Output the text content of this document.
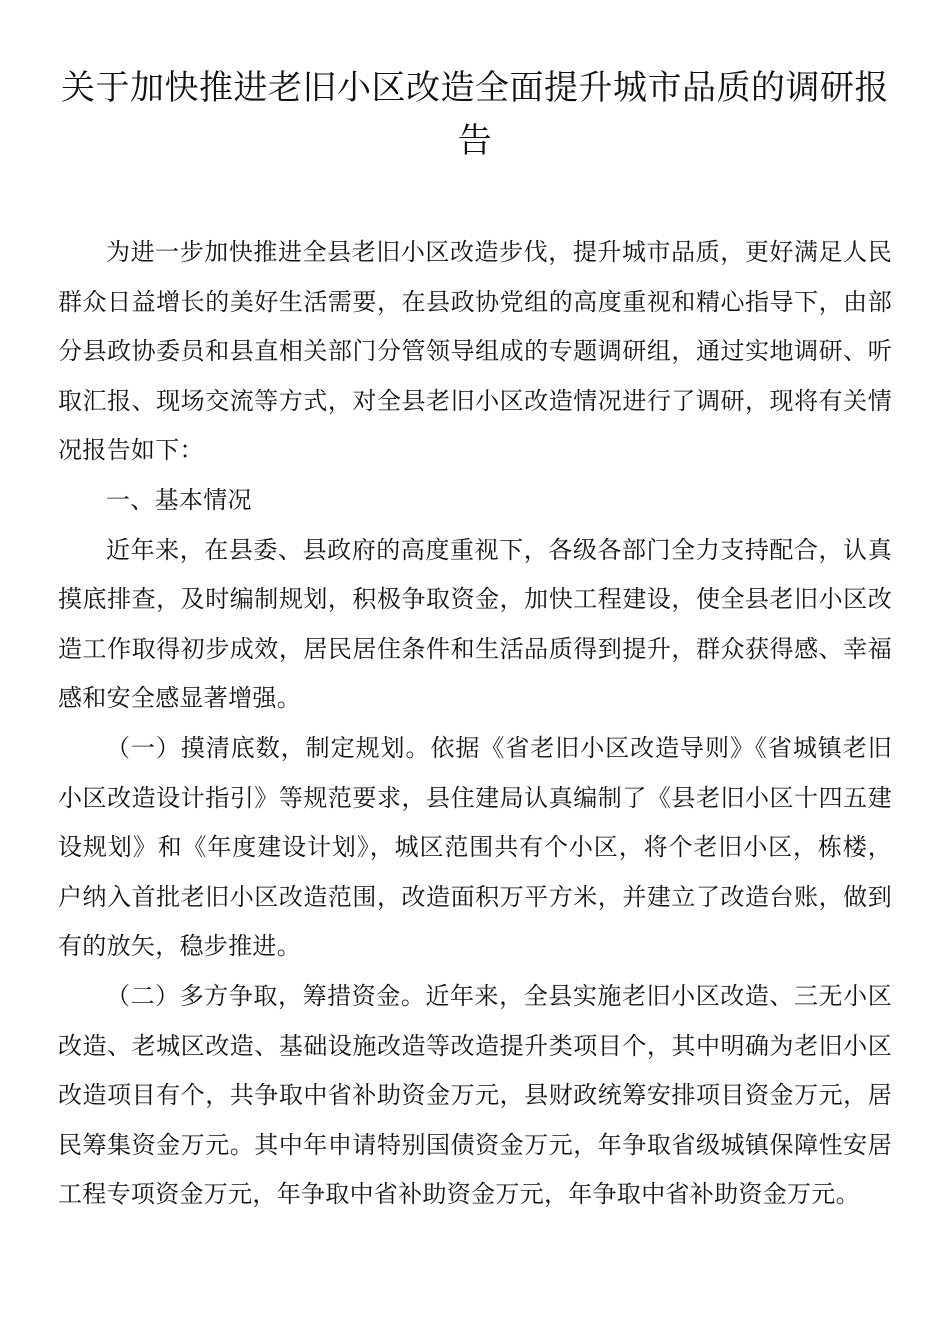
关于加快推进老旧小区改造全面提升城市品质的调研报告

为进一步加快推进全县老旧小区改造步伐，提升城市品质，更好满足人民群众日益增长的美好生活需要，在县政协党组的高度重视和精心指导下，由部分县政协委员和县直相关部门分管领导组成的专题调研组，通过实地调研、听取汇报、现场交流等方式，对全县老旧小区改造情况进行了调研，现将有关情况报告如下：

一、基本情况

近年来，在县委、县政府的高度重视下，各级各部门全力支持配合，认真摸底排查，及时编制规划，积极争取资金，加快工程建设，使全县老旧小区改造工作取得初步成效，居民居住条件和生活品质得到提升，群众获得感、幸福感和安全感显著增强。

（一）摸清底数，制定规划。依据《省老旧小区改造导则》《省城镇老旧小区改造设计指引》等规范要求，县住建局认真编制了《县老旧小区十四五建设规划》和《年度建设计划》，城区范围共有个小区，将个老旧小区，栋楼，户纳入首批老旧小区改造范围，改造面积万平方米，并建立了改造台账，做到有的放矢，稳步推进。

（二）多方争取，筹措资金。近年来，全县实施老旧小区改造、三无小区改造、老城区改造、基础设施改造等改造提升类项目个，其中明确为老旧小区改造项目有个，共争取中省补助资金万元，县财政统筹安排项目资金万元，居民筹集资金万元。其中年申请特别国债资金万元，年争取省级城镇保障性安居工程专项资金万元，年争取中省补助资金万元，年争取中省补助资金万元。
